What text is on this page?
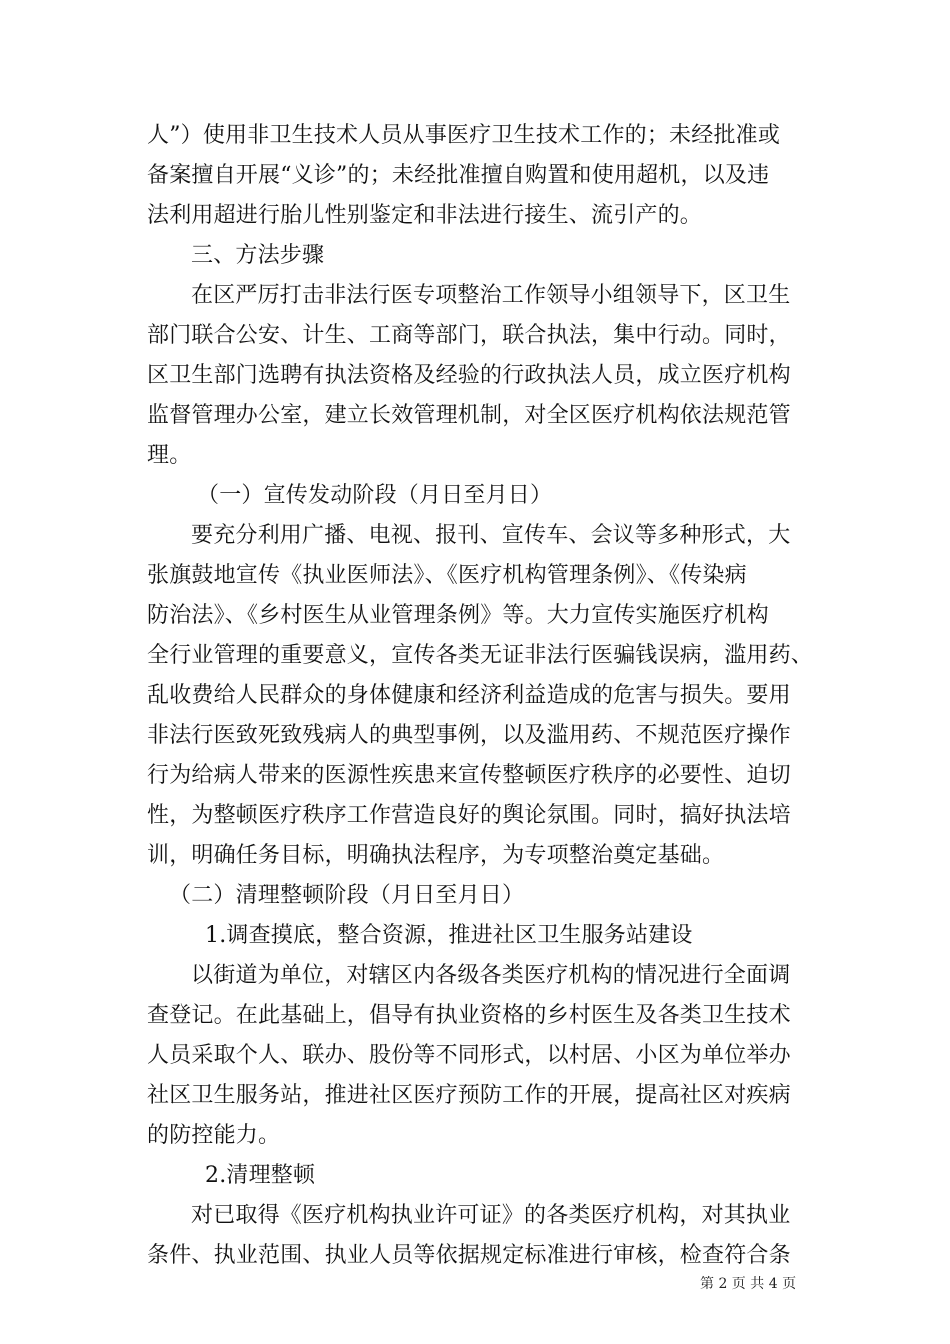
人”）使用非卫生技术人员从事医疗卫生技术工作的；未经批准或
备案擅自开展“义诊”的；未经批准擅自购置和使用超机，以及违
法利用超进行胎儿性别鉴定和非法进行接生、流引产的。
三、方法步骤
在区严厉打击非法行医专项整治工作领导小组领导下，区卫生
部门联合公安、计生、工商等部门，联合执法，集中行动。同时，
区卫生部门选聘有执法资格及经验的行政执法人员，成立医疗机构
监督管理办公室，建立长效管理机制，对全区医疗机构依法规范管
理。
（一）宣传发动阶段（月日至月日）
要充分利用广播、电视、报刊、宣传车、会议等多种形式，大
张旗鼓地宣传《执业医师法》、《医疗机构管理条例》、《传染病
防治法》、《乡村医生从业管理条例》等。大力宣传实施医疗机构
全行业管理的重要意义，宣传各类无证非法行医骗钱误病，滥用药、
乱收费给人民群众的身体健康和经济利益造成的危害与损失。要用
非法行医致死致残病人的典型事例，以及滥用药、不规范医疗操作
行为给病人带来的医源性疾患来宣传整顿医疗秩序的必要性、迫切
性，为整顿医疗秩序工作营造良好的舆论氛围。同时，搞好执法培
训，明确任务目标，明确执法程序，为专项整治奠定基础。
（二）清理整顿阶段（月日至月日）
1.调查摸底，整合资源，推进社区卫生服务站建设
以街道为单位，对辖区内各级各类医疗机构的情况进行全面调
查登记。在此基础上，倡导有执业资格的乡村医生及各类卫生技术
人员采取个人、联办、股份等不同形式，以村居、小区为单位举办
社区卫生服务站，推进社区医疗预防工作的开展，提高社区对疾病
的防控能力。
2.清理整顿
对已取得《医疗机构执业许可证》的各类医疗机构，对其执业
条件、执业范围、执业人员等依据规定标准进行审核，检查符合条
第 2 页 共 4 页
